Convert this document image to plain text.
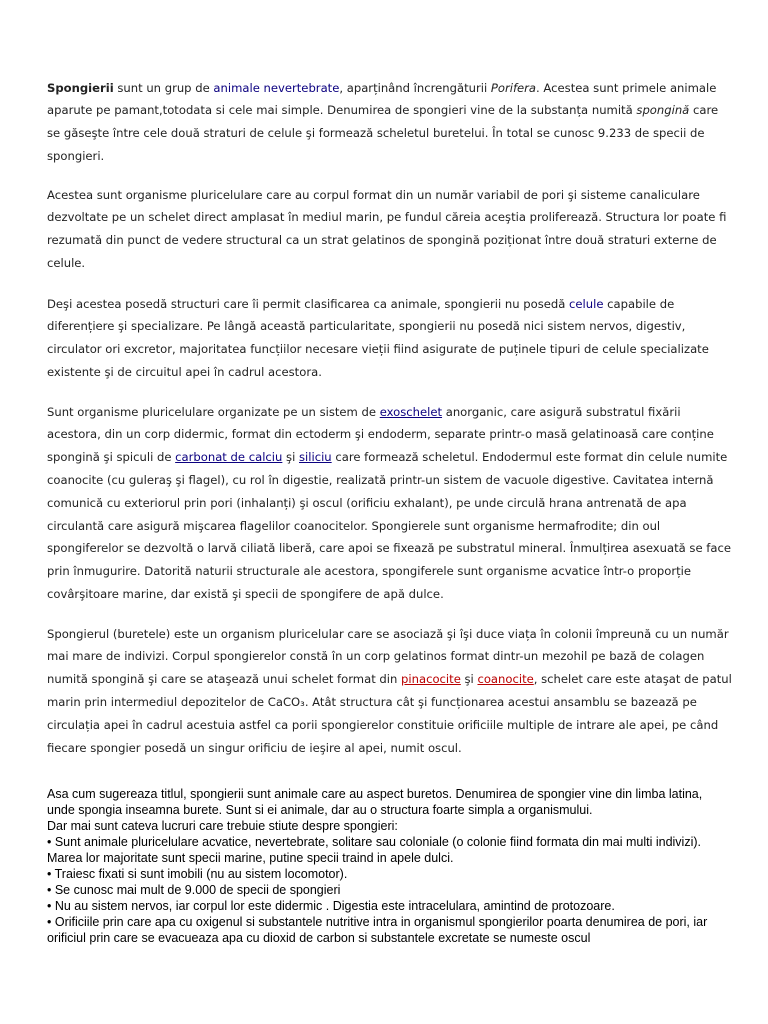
Spongierii sunt un grup de animale nevertebrate, aparținând încrengăturii Porifera. Acestea sunt primele animale aparute pe pamant,totodata si cele mai simple. Denumirea de spongieri vine de la substanța numită spongină care se găseşte între cele două straturi de celule şi formează scheletul buretelui. În total se cunosc 9.233 de specii de spongieri.

Acestea sunt organisme pluricelulare care au corpul format din un număr variabil de pori şi sisteme canaliculare dezvoltate pe un schelet direct amplasat în mediul marin, pe fundul căreia aceştia proliferează. Structura lor poate fi rezumată din punct de vedere structural ca un strat gelatinos de spongină poziționat între două straturi externe de celule.

Deşi acestea posedă structuri care îi permit clasificarea ca animale, spongierii nu posedă celule capabile de diferențiere şi specializare. Pe lângă această particularitate, spongierii nu posedă nici sistem nervos, digestiv, circulator ori excretor, majoritatea funcțiilor necesare vieții fiind asigurate de puținele tipuri de celule specializate existente şi de circuitul apei în cadrul acestora.

Sunt organisme pluricelulare organizate pe un sistem de exoschelet anorganic, care asigură substratul fixării acestora, din un corp didermic, format din ectoderm şi endoderm, separate printr-o masă gelatinoasă care conține spongină şi spiculi de carbonat de calciu şi siliciu care formează scheletul. Endodermul este format din celule numite coanocite (cu guleraş şi flagel), cu rol în digestie, realizată printr-un sistem de vacuole digestive. Cavitatea internă comunică cu exteriorul prin pori (inhalanți) şi oscul (orificiu exhalant), pe unde circulă hrana antrenată de apa circulantă care asigură mişcarea flagelilor coanocitelor. Spongierele sunt organisme hermafrodite; din oul spongiferelor se dezvoltă o larvă ciliată liberă, care apoi se fixează pe substratul mineral. Înmulțirea asexuată se face prin înmugurire. Datorită naturii structurale ale acestora, spongiferele sunt organisme acvatice într-o proporție covârşitoare marine, dar există şi specii de spongifere de apă dulce.

Spongierul (buretele) este un organism pluricelular care se asociază şi îşi duce viața în colonii împreună cu un număr mai mare de indivizi. Corpul spongierelor constă în un corp gelatinos format dintr-un mezohil pe bază de colagen numită spongină şi care se ataşează unui schelet format din pinacocite şi coanocite, schelet care este ataşat de patul marin prin intermediul depozitelor de CaCO₃. Atât structura cât şi funcționarea acestui ansamblu se bazează pe circulația apei în cadrul acestuia astfel ca porii spongierelor constituie orificiile multiple de intrare ale apei, pe când fiecare spongier posedă un singur orificiu de ieşire al apei, numit oscul.

Asa cum sugereaza titlul, spongierii sunt animale care au aspect buretos. Denumirea de spongier vine din limba latina, unde spongia inseamna burete. Sunt si ei animale, dar au o structura foarte simpla a organismului.
Dar mai sunt cateva lucruri care trebuie stiute despre spongieri:
• Sunt animale pluricelulare acvatice, nevertebrate, solitare sau coloniale (o colonie fiind formata din mai multi indivizi). Marea lor majoritate sunt specii marine, putine specii traind in apele dulci.
• Traiesc fixati si sunt imobili (nu au sistem locomotor).
• Se cunosc mai mult de 9.000 de specii de spongieri
• Nu au sistem nervos, iar corpul lor este didermic . Digestia este intracelulara, amintind de protozoare.
• Orificiile prin care apa cu oxigenul si substantele nutritive intra in organismul spongierilor poarta denumirea de pori, iar orificiul prin care se evacueaza apa cu dioxid de carbon si substantele excretate se numeste oscul
